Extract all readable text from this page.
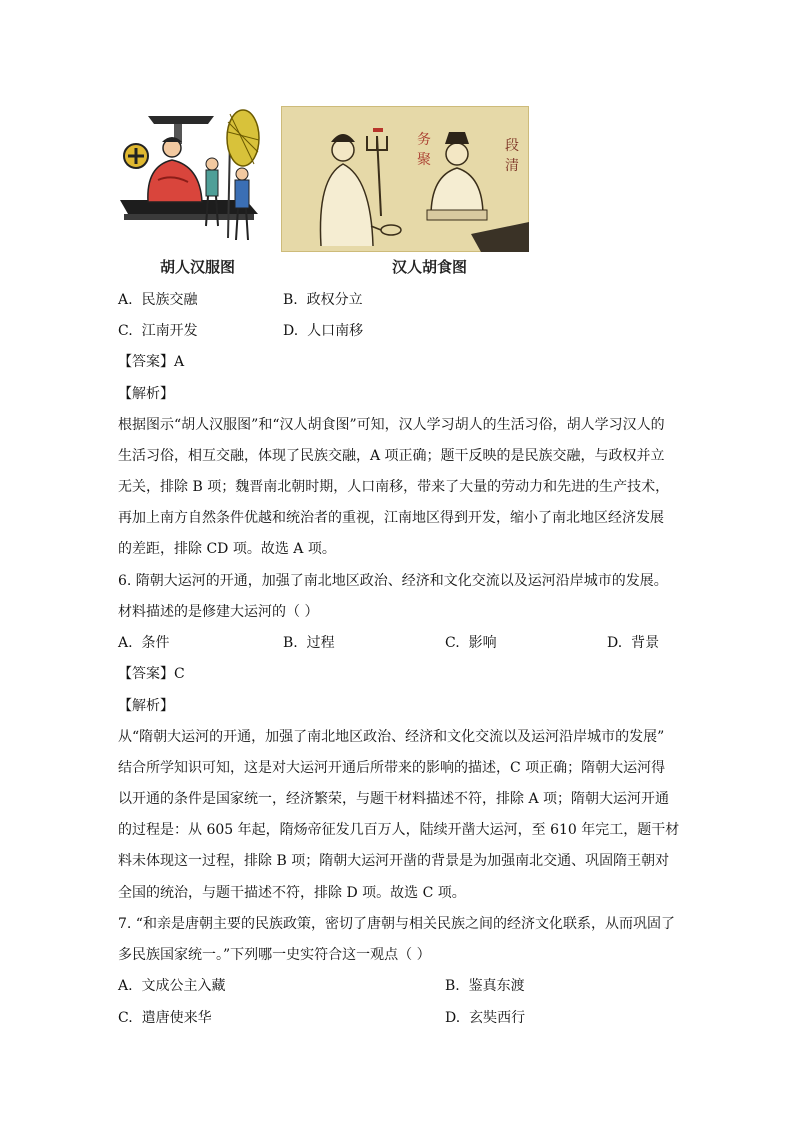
务
聚
段
清
胡人汉服图	汉人胡食图
A. 民族交融	B. 政权分立
C. 江南开发	D. 人口南移
【答案】A
【解析】
根据图示“胡人汉服图”和“汉人胡食图”可知，汉人学习胡人的生活习俗，胡人学习汉人的
生活习俗，相互交融，体现了民族交融，A 项正确；题干反映的是民族交融，与政权并立
无关，排除 B 项；魏晋南北朝时期，人口南移，带来了大量的劳动力和先进的生产技术，
再加上南方自然条件优越和统治者的重视，江南地区得到开发，缩小了南北地区经济发展
的差距，排除 CD 项。故选 A 项。
6. 隋朝大运河的开通，加强了南北地区政治、经济和文化交流以及运河沿岸城市的发展。
材料描述的是修建大运河的（ ）
A. 条件	B. 过程	C. 影响	D. 背景
【答案】C
【解析】
从“隋朝大运河的开通，加强了南北地区政治、经济和文化交流以及运河沿岸城市的发展”
结合所学知识可知，这是对大运河开通后所带来的影响的描述，C 项正确；隋朝大运河得
以开通的条件是国家统一，经济繁荣，与题干材料描述不符，排除 A 项；隋朝大运河开通
的过程是：从 605 年起，隋炀帝征发几百万人，陆续开凿大运河，至 610 年完工，题干材
料未体现这一过程，排除 B 项；隋朝大运河开凿的背景是为加强南北交通、巩固隋王朝对
全国的统治，与题干描述不符，排除 D 项。故选 C 项。
7. “和亲是唐朝主要的民族政策，密切了唐朝与相关民族之间的经济文化联系，从而巩固了
多民族国家统一。”下列哪一史实符合这一观点（ ）
A. 文成公主入藏	B. 鉴真东渡
C. 遣唐使来华	D. 玄奘西行
